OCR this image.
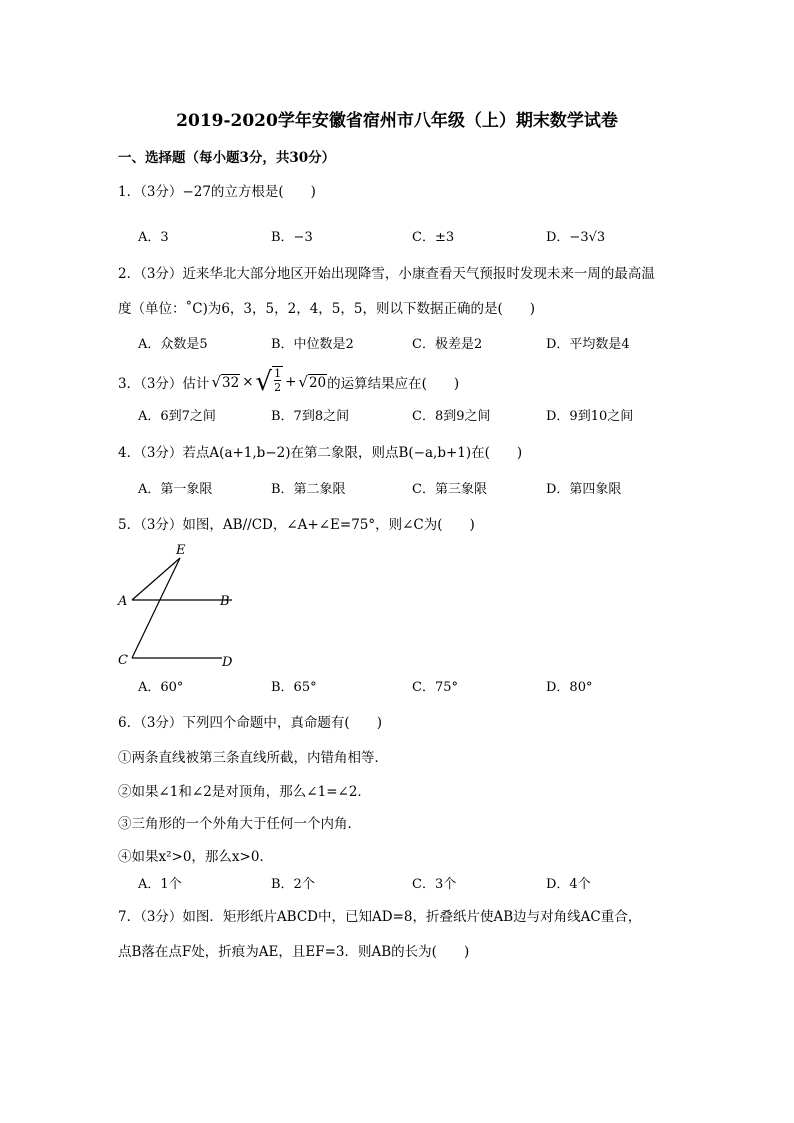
2019-2020学年安徽省宿州市八年级（上）期末数学试卷
一、选择题（每小题3分，共30分）
1．（3分）−27的立方根是(　　)
A．3	B．−3	C．±3	D．−3√3
2．（3分）近来华北大部分地区开始出现降雪，小康查看天气预报时发现未来一周的最高温
度（单位：˚C)为6，3，5，2，4，5，5，则以下数据正确的是(　　)
A．众数是5	B．中位数是2	C．极差是2	D．平均数是4
3．（3分）估计 √ 32 × √ 1
2 + √ 20 的运算结果应在(　　)
A．6到7之间	B．7到8之间	C．8到9之间	D．9到10之间
4．（3分）若点A(a+1,b−2)在第二象限，则点B(−a,b+1)在(　　)
A．第一象限	B．第二象限	C．第三象限	D．第四象限
5．（3分）如图，AB//CD，∠A+∠E=75°，则∠C为(　　)
E
A	B
C	D
A．60°	B．65°	C．75°	D．80°
6．（3分）下列四个命题中，真命题有(　　)
①两条直线被第三条直线所截，内错角相等．
②如果∠1和∠2是对顶角，那么∠1=∠2．
③三角形的一个外角大于任何一个内角．
④如果x²>0，那么x>0．
A．1个	B．2个	C．3个	D．4个
7．（3分）如图．矩形纸片ABCD中，已知AD=8，折叠纸片使AB边与对角线AC重合，
点B落在点F处，折痕为AE，且EF=3．则AB的长为(　　)
